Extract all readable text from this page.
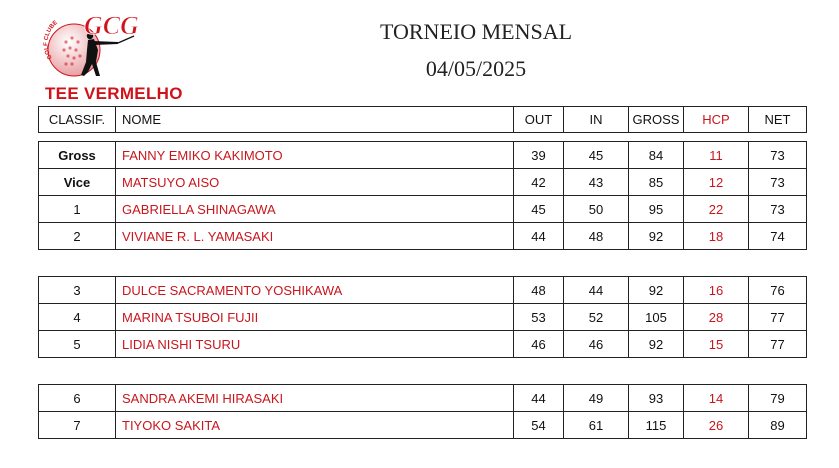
GOLF CLUBE GCG	TORNEIO MENSAL
04/05/2025
TEE VERMELHO
CLASSIF.	NOME	OUT	IN	GROSS	HCP	NET

Gross	FANNY EMIKO KAKIMOTO	39	45	84	11	73
Vice	MATSUYO AISO	42	43	85	12	73
1	GABRIELLA SHINAGAWA	45	50	95	22	73
2	VIVIANE R. L. YAMASAKI	44	48	92	18	74
3	DULCE SACRAMENTO YOSHIKAWA	48	44	92	16	76
4	MARINA TSUBOI FUJII	53	52	105	28	77
5	LIDIA NISHI TSURU	46	46	92	15	77
6	SANDRA AKEMI HIRASAKI	44	49	93	14	79
7	TIYOKO SAKITA	54	61	115	26	89
